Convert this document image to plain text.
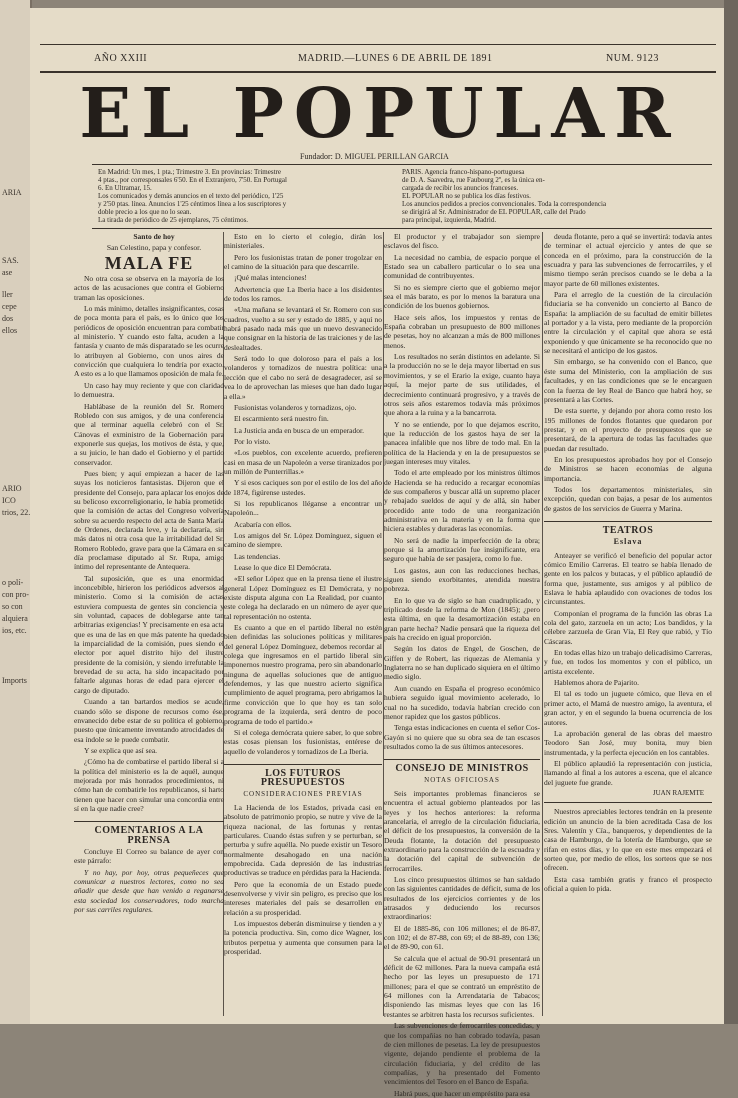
ARIA
SAS.
ase
ller
cepe
dos
ellos
ARIO
ICO
trios, 22.
o polí-
con pro-
so con
alquiera
ios, etc.
Imports
AÑO XXIII	MADRID.—LUNES 6 DE ABRIL DE 1891	NUM. 9123
EL POPULAR
Fundador: D. MIGUEL PERILLAN GARCIA
En Madrid: Un mes, 1 pta.; Trimestre 3. En provincias: Trimestre
4 ptas., por corresponsales 6'50. En el Extranjero, 7'50. En Portugal
6. En Ultramar, 15.
Los comunicados y demás anuncios en el texto del periódico, 1'25
y 2'50 ptas. línea. Anuncios 1'25 céntimos línea a los suscriptores y
doble precio a los que no lo sean.
La tirada de periódico de 25 ejemplares, 75 céntimos.
PARIS. Agencia franco-hispano-portuguesa
de D. A. Saavedra, rue Faubourg 2º, es la única en-
cargada de recibir los anuncios franceses.
EL POPULAR no se publica los días festivos.
Los anuncios pedidos a precios convencionales. Toda la correspondencia
se dirigirá al Sr. Administrador de EL POPULAR, calle del Prado
para principal, izquierda, Madrid.

Santo de hoy

San Celestino, papa y confesor.

MALA FE

No otra cosa se observa en la mayoría de los actos de las acusaciones que contra el Gobierno traman las oposiciones.

Lo más mínimo, detalles insignificantes, cosas de poca monta para el país, es lo único que los periódicos de oposición encuentran para combatir al ministerio. Y cuando esto falta, acuden a la fantasía y cuanto de más disparatado se les ocurre lo atribuyen al Gobierno, con unos aires de convicción que cualquiera lo tendría por exacto. A esto es a lo que llamamos oposición de mala fe.

Un caso hay muy reciente y que con claridad lo demuestra.

Hablábase de la reunión del Sr. Romero Robledo con sus amigos, y de una conferencia que al terminar aquella celebró con el Sr. Cánovas el exministro de la Gobernación para exponerle sus quejas, los motivos de ésta, y que, a su juicio, le han dado el Gobierno y el partido conservador.

Pues bien; y aquí empiezan a hacer de las suyas los noticieros fantasistas. Dijeron que el presidente del Consejo, para aplacar los enojos de su belicoso excorreligionario, le había prometido que la comisión de actas del Congreso volvería sobre su acuerdo respecto del acta de Santa María de Ordenes, declarada leve, y la declararía, sin más datos ni otra cosa que la irritabilidad del Sr. Romero Robledo, grave para que la Cámara en su día proclamase diputado al Sr. Rupa, amigo íntimo del representante de Antequera.

Tal suposición, que es una enormidad inconcebible, hirieron los periódicos adversos al ministerio. Como si la comisión de actas estuviera compuesta de gentes sin conciencia y sin voluntad, capaces de doblegarse ante tan arbitrarias exigencias! Y precisamente en esa acta que es una de las en que más patente ha quedado la imparcialidad de la comisión, pues siendo el elector por aquel distrito hijo del ilustre presidente de la comisión, y siendo irrefutable la brevedad de su acta, ha sido incapacitado por faltarle algunas horas de edad para ejercer el cargo de diputado.

Cuando a tan bartardos medios se acude, cuando sólo se dispone de recursos como ése, envanecido debe estar de su política el gobierno, puesto que únicamente inventando atrocidades de esa índole se le puede combatir.

Y se explica que así sea.

¿Cómo ha de combatirse el partido liberal si a la política del ministerio es la de aquél, aunque mejorada por más honrados procedimientos, ni cómo han de combatirle los republicanos, si harto tienen que hacer con simular una concordia entre sí en la que nadie cree?

COMENTARIOS A LA PRENSA

Concluye El Correo su balance de ayer con este párrafo:

Y no hay, por hoy, otras pequeñeces que comunicar a nuestros lectores, como no sea añadir que desde que han venido a reganarse esta sociedad los conservadores, todo marcha por sus carriles regulares.

Esto en lo cierto el colegio, dirán los ministeriales.

Pero los fusionistas tratan de poner trogolzar en el camino de la situación para que descarrile.

¡Qué malas intenciones!

Advertencia que La Iberia hace a los disidentes de todos los ramos.

«Una mañana se levantará el Sr. Romero con sus cuadros, vuelto a su ser y estado de 1885, y aquí no habrá pasado nada más que un nuevo desvanecido que consignar en la historia de las traiciones y de las deslealtades.

Será todo lo que doloroso para el país a los volanderos y tornadizos de nuestra política: una lección que el cabo no será de desagradecer, así se vea lo de aprovechan las mieses que han dado lugar a ella.»

Fusionistas volanderos y tornadizos, ojo.

El escarmiento será nuestro fin.

La Justicia anda en busca de un emperador.

Por lo visto.

«Los pueblos, con excelente acuerdo, prefieren casi en masa de un Napoleón a verse tiranizados por un millón de Punterrillas.»

Y si esos caciques son por el estilo de los del año de 1874, figúrense ustedes.

Si los republicanos lléganse a encontrar un Napoleón...

Acabaría con ellos.

Los amigos del Sr. López Domínguez, siguen el camino de siempre.

Las tendencias.

Lease lo que dice El Demócrata.

«El señor López que en la prensa tiene el ilustre general López Domínguez es El Demócrata, y no existe disputa alguna con La Realidad, por cuanto este colega ha declarado en un número de ayer que tal representación no ostenta.

Es cuanto a que en el partido liberal no estén bien definidas las soluciones políticas y militares del general López Domínguez, debemos recordar al colega que ingresamos en el partido liberal sin imponernos nuestro programa, pero sin abandonarlo ninguna de aquellas soluciones que de antiguo defendemos, y las que nuestro acierto significa cumplimiento de aquel programa, pero abrigamos la firme convicción que lo que hoy es tan solo programa de la izquierda, será dentro de poco programa de todo el partido.»

Si el colega demócrata quiere saber, lo que sobre estas cosas piensan los fusionistas, entérese de aquello de volanderos y tornadizos de La Iberia.

LOS FUTUROS PRESUPUESTOS
CONSIDERACIONES PREVIAS

La Hacienda de los Estados, privada casi en absoluto de patrimonio propio, se nutre y vive de la riqueza nacional, de las fortunas y rentas particulares. Cuando éstas sufren y se perturban, se perturba y sufre aquélla. No puede existir un Tesoro normalmente desahogado en una nación empobrecida. Cada depresión de las industrias productivas se traduce en pérdidas para la Hacienda.

Pero que la economía de un Estado puede desenvolverse y vivir sin peligro, es preciso que los intereses materiales del país se desarrollen en relación a su prosperidad.

Los impuestos deberán disminuirse y tienden a y la potencia productiva. Sin, como dice Wagner, los tributos perpetua y aumenta que consumen para la prosperidad.

El productor y el trabajador son siempre esclavos del fisco.

La necesidad no cambia, de espacio porque el Estado sea un caballero particular o lo sea una comunidad de contribuyentes.

Si no es siempre cierto que el gobierno mejor sea el más barato, es por lo menos la baratura una condición de los buenos gobiernos.

Hace seis años, los impuestos y rentas de España cobraban un presupuesto de 800 millones de pesetas, hoy no alcanzan a más de 800 millones menos.

Los resultados no serán distintos en adelante. Si a la producción no se le deja mayor libertad en sus movimientos, y se el Erario la exige, cuanto haya aquí, la mejor parte de sus utilidades, el decrecimiento continuará progresivo, y a través de otros seis años estaremos todavía más próximos que ahora a la ruina y a la bancarrota.

Y no se entiende, por lo que dejamos escrito, que la reducción de los gastos haya de ser la panacea infalible que nos libre de todo mal. En la política de la Hacienda y en la de presupuestos se juegan intereses muy vitales.

Todo el arte empleado por los ministros últimos de Hacienda se ha reducido a recargar economías de sus compañeros y buscar allá un supremo placer y rebajado sueldos de aquí y de allá, sin haber procedido ante todo de una reorganización administrativa en la materia y en la forma que hiciera estables y duraderas las economías.

No será de nadie la imperfección de la obra; porque si la amortización fue insignificante, era seguro que había de ser pasajera, como lo fue.

Los gastos, aun con las reducciones hechas, siguen siendo exorbitantes, atendida nuestra pobreza.

En lo que va de siglo se han cuadruplicado, y triplicado desde la reforma de Mon (1845); ¿pero esta última, en que la desamortización estaba en gran parte hecha? Nadie pensará que la riqueza del país ha crecido en igual proporción.

Según los datos de Engel, de Goschen, de Giffen y de Robert, las riquezas de Alemania y Inglaterra no se han duplicado siquiera en el último medio siglo.

Aun cuando en España el progreso económico hubiera seguido igual movimiento acelerado, lo cual no ha sucedido, todavía habrían crecido con menor rapidez que los gastos públicos.

Tenga estas indicaciones en cuenta el señor Cos-Gayón si no quiere que su obra sea de tan escasos resultados como la de sus últimos antecesores.

CONSEJO DE MINISTROS
NOTAS OFICIOSAS

Seis importantes problemas financieros se encuentra el actual gobierno planteados por las leyes y los hechos anteriores: la reforma arancelaria, el arreglo de la circulación fiduciaria, el déficit de los presupuestos, la conversión de la Deuda flotante, la dotación del presupuesto extraordinario para la construcción de la escuadra y la dotación del capital de subvención de ferrocarriles.

Los cinco presupuestos últimos se han saldado con las siguientes cantidades de déficit, suma de los resultados de los ejercicios corrientes y de los atrasados y deduciendo los recursos extraordinarios:

El de 1885-86, con 106 millones; el de 86-87, con 102; el de 87-88, con 69; el de 88-89, con 136; el de 89-90, con 61.

Se calcula que el actual de 90-91 presentará un déficit de 62 millones. Para la nueva campaña está hecho por las leyes un presupuesto de 171 millones; para el que se contrató un empréstito de 64 millones con la Arrendataria de Tabacos; disponiendo las mismas leyes que con las 16 restantes se arbitren hasta los recursos suficientes.

Las subvenciones de ferrocarriles concedidas, y que los compañías no han cobrado todavía, pasan de cien millones de pesetas. La ley de presupuestos vigente, dejando pendiente el problema de la circulación fiduciaria, y del crédito de las compañías, y ha presentado del Fomento vencimientos del Tesoro en el Banco de España.

Habrá pues, que hacer un empréstito para esa

deuda flotante, pero a qué se invertirá: todavía antes de terminar el actual ejercicio y antes de que se conceda en el próximo, para la construcción de la escuadra y para las subvenciones de ferrocarriles, y el mismo tiempo serán precisos cuando se le deba a la mayor parte de 60 millones existentes.

Para el arreglo de la cuestión de la circulación fiduciaria se ha convenido un concierto al Banco de España: la ampliación de su facultad de emitir billetes al portador y a la vista, pero mediante de la proporción entre la circulación y el capital que ahora se está exponiendo y que únicamente se ha reconocido que no se necesitará el anticipo de los gastos.

Sin embargo, se ha convenido con el Banco, que éste suma del Ministerio, con la ampliación de sus facultades, y en las condiciones que se le encarguen con la fuerza de ley Real de Banco que habrá hoy, se presentará a las Cortes.

De esta suerte, y dejando por ahora como resto los 195 millones de fondos flotantes que quedaron por prestar, y en el proyecto de presupuestos que se presentará, de la apertura de todas las facultades que puedan dar resultado.

En los presupuestos aprobados hoy por el Consejo de Ministros se hacen economías de alguna importancia.

Todos los departamentos ministeriales, sin excepción, quedan con bajas, a pesar de los aumentos de gastos de los servicios de Guerra y Marina.

TEATROS
Eslava

Anteayer se verificó el beneficio del popular actor cómico Emilio Carreras. El teatro se había llenado de gente en los palcos y butacas, y el público aplaudió de forma que, justamente, sus amigos y al público de Eslava le había aplaudido con ovaciones de todos los circunstantes.

Componían el programa de la función las obras La cola del gato, zarzuela en un acto; Los bandidos, y la célebre zarzuela de Gran Vía, El Rey que rabió, y Tío Cáscaras.

En todas ellas hizo un trabajo delicadísimo Carreras, y fue, en todos los momentos y con el público, un artista excelente.

Hablemos ahora de Pajarito.

El tal es todo un juguete cómico, que lleva en el primer acto, el Mamá de nuestro amigo, la aventura, el gran actor, y en el segundo la buena ocurrencia de los autores.

La aprobación general de las obras del maestro Teodoro San José, muy bonita, muy bien instrumentada, y la perfecta ejecución en los cantables.

El público aplaudió la representación con justicia, llamando al final a los autores a escena, que el alcance del juguete fue grande.

JUAN RAJEMTE

Nuestros apreciables lectores tendrán en la presente edición un anuncio de la bien acreditada Casa de los Sres. Valentín y Cía., banqueros, y dependientes de la casa de Hamburgo, de la lotería de Hamburgo, que se rifan en estos días, y lo que en este mes empezará el sorteo que, por medio de ellos, los sorteos que se nos ofrecen.

Esta casa también gratis y franco el prospecto oficial a quien lo pida.
